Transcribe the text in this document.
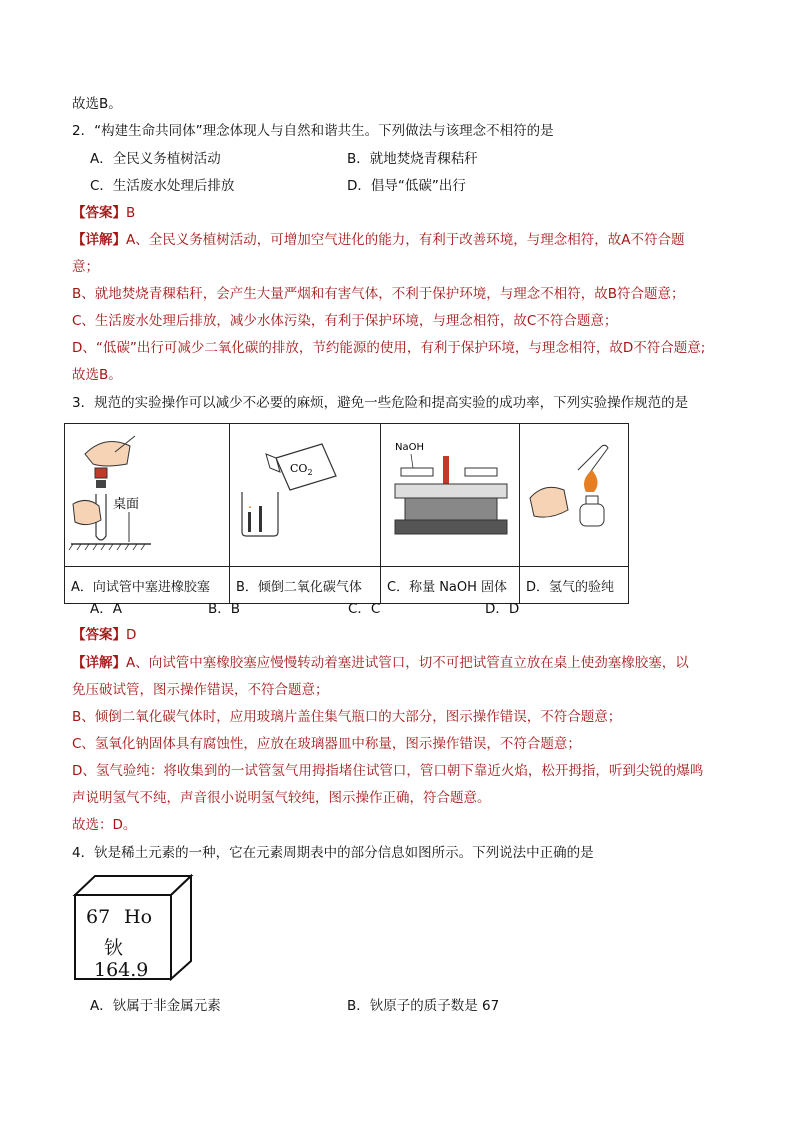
故选B。
2．“构建生命共同体”理念体现人与自然和谐共生。下列做法与该理念不相符的是
A．全民义务植树活动	B．就地焚烧青稞秸秆
C．生活废水处理后排放	D．倡导“低碳”出行
【答案】B
【详解】A、全民义务植树活动，可增加空气进化的能力，有利于改善环境，与理念相符，故A不符合题
意；
B、就地焚烧青稞秸秆，会产生大量严烟和有害气体，不利于保护环境，与理念不相符，故B符合题意；
C、生活废水处理后排放，减少水体污染，有利于保护环境，与理念相符，故C不符合题意；
D、“低碳”出行可减少二氧化碳的排放，节约能源的使用，有利于保护环境，与理念相符，故D不符合题意;
故选B。
3．规范的实验操作可以减少不必要的麻烦，避免一些危险和提高实验的成功率，下列实验操作规范的是
桌面	$CO_2$	NaOH

A．向试管中塞进橡胶塞	B．倾倒二氧化碳气体	C．称量 NaOH 固体	D．氢气的验纯
A．A	B．B	C．C	D．D
【答案】D
【详解】A、向试管中塞橡胶塞应慢慢转动着塞进试管口，切不可把试管直立放在桌上使劲塞橡胶塞，以
免压破试管，图示操作错误，不符合题意；
B、倾倒二氧化碳气体时，应用玻璃片盖住集气瓶口的大部分，图示操作错误，不符合题意；
C、氢氧化钠固体具有腐蚀性，应放在玻璃器皿中称量，图示操作错误，不符合题意；
D、氢气验纯：将收集到的一试管氢气用拇指堵住试管口，管口朝下靠近火焰，松开拇指，听到尖锐的爆鸣
声说明氢气不纯，声音很小说明氢气较纯，图示操作正确，符合题意。
故选：D。
4．钬是稀土元素的一种，它在元素周期表中的部分信息如图所示。下列说法中正确的是
67 Ho
钬
164.9
A．钬属于非金属元素	B．钬原子的质子数是 67
